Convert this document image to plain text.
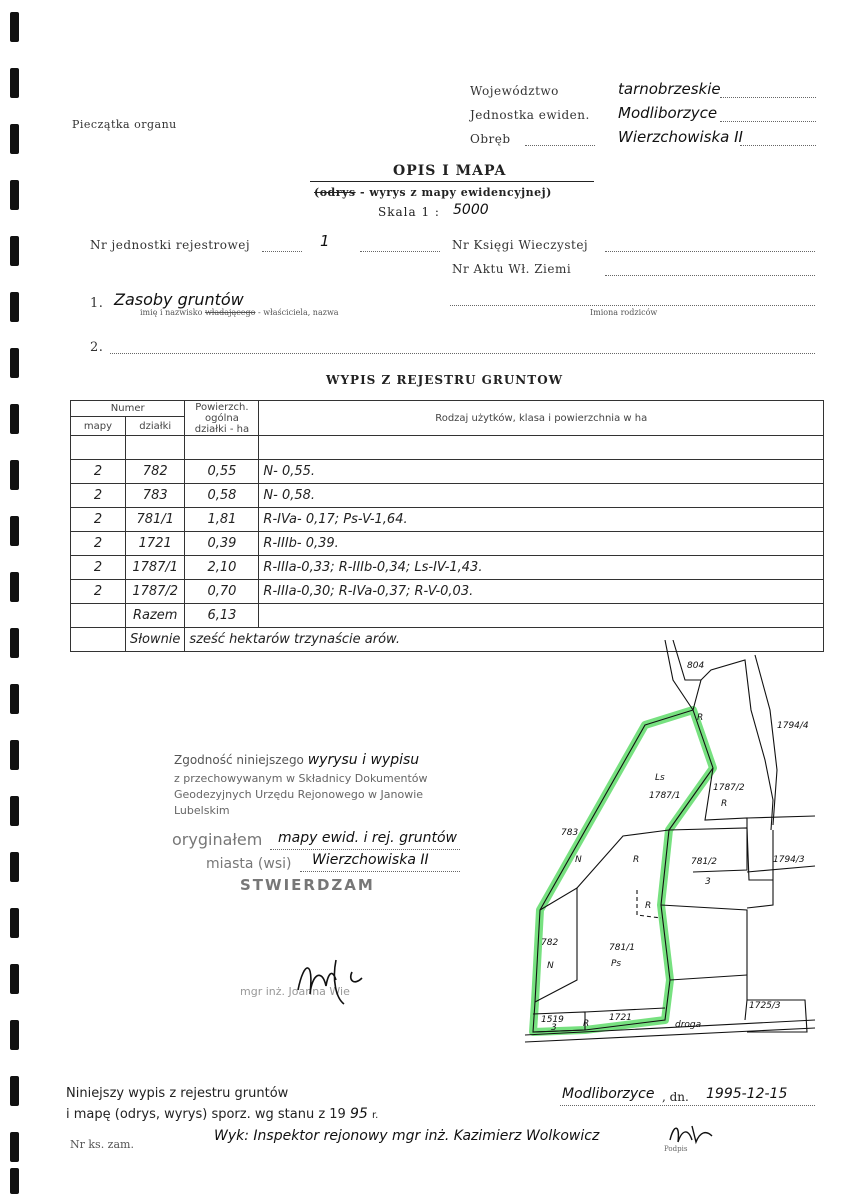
Pieczątka organu
Województwo	tarnobrzeskie
Jednostka ewiden. Modliborzyce
Obręb	Wierzchowiska II
OPIS I MAPA
(odrys - wyrys z mapy ewidencyjnej)
Skala 1 : 5000
Nr jednostki rejestrowej	1	Nr Księgi Wieczystej
Nr Aktu Wł. Ziemi
1. Zasoby gruntów
imię i nazwisko władającego - właściciela, nazwa	Imiona rodziców
2.
WYPIS Z REJESTRU GRUNTOW
Numer		Powierzch. ogólna działki - ha	Rodzaj użytków, klasa i powierzchnia w ha
mapy	działki		

2	782	0,55	N- 0,55.
2	783	0,58	N- 0,58.
2	781/1	1,81	R-IVa- 0,17; Ps-V-1,64.
2	1721	0,39	R-IIIb- 0,39.
2	1787/1	2,10	R-IIIa-0,33; R-IIIb-0,34; Ls-IV-1,43.
2	1787/2	0,70	R-IIIa-0,30; R-IVa-0,37; R-V-0,03.
	Razem	6,13	
	Słownie	sześć hektarów trzynaście arów.	
Zgodność niniejszego wyrysu i wypisu
z przechowywanym w Składnicy Dokumentów
Geodezyjnych Urzędu Rejonowego w Janowie
Lubelskim
oryginałem mapy ewid. i rej. gruntów
miasta (wsi) Wierzchowiska II
STWIERDZAM
mgr inż. Joanna Wie
804
1794/4
R
Ls
1787/1
1787/2
R
783
N	R	781/2
3
1794/3
R
782
N
781/1
Ps
1725/3
1519
3
1721
R	droga
Niniejszy wypis z rejestru gruntów
i mapę (odrys, wyrys) sporz. wg stanu z 19 95 r.
Modliborzyce , dn. 1995-12-15
Nr ks. zam.
Wyk: Inspektor rejonowy mgr inż. Kazimierz Wolkowicz
Podpis
